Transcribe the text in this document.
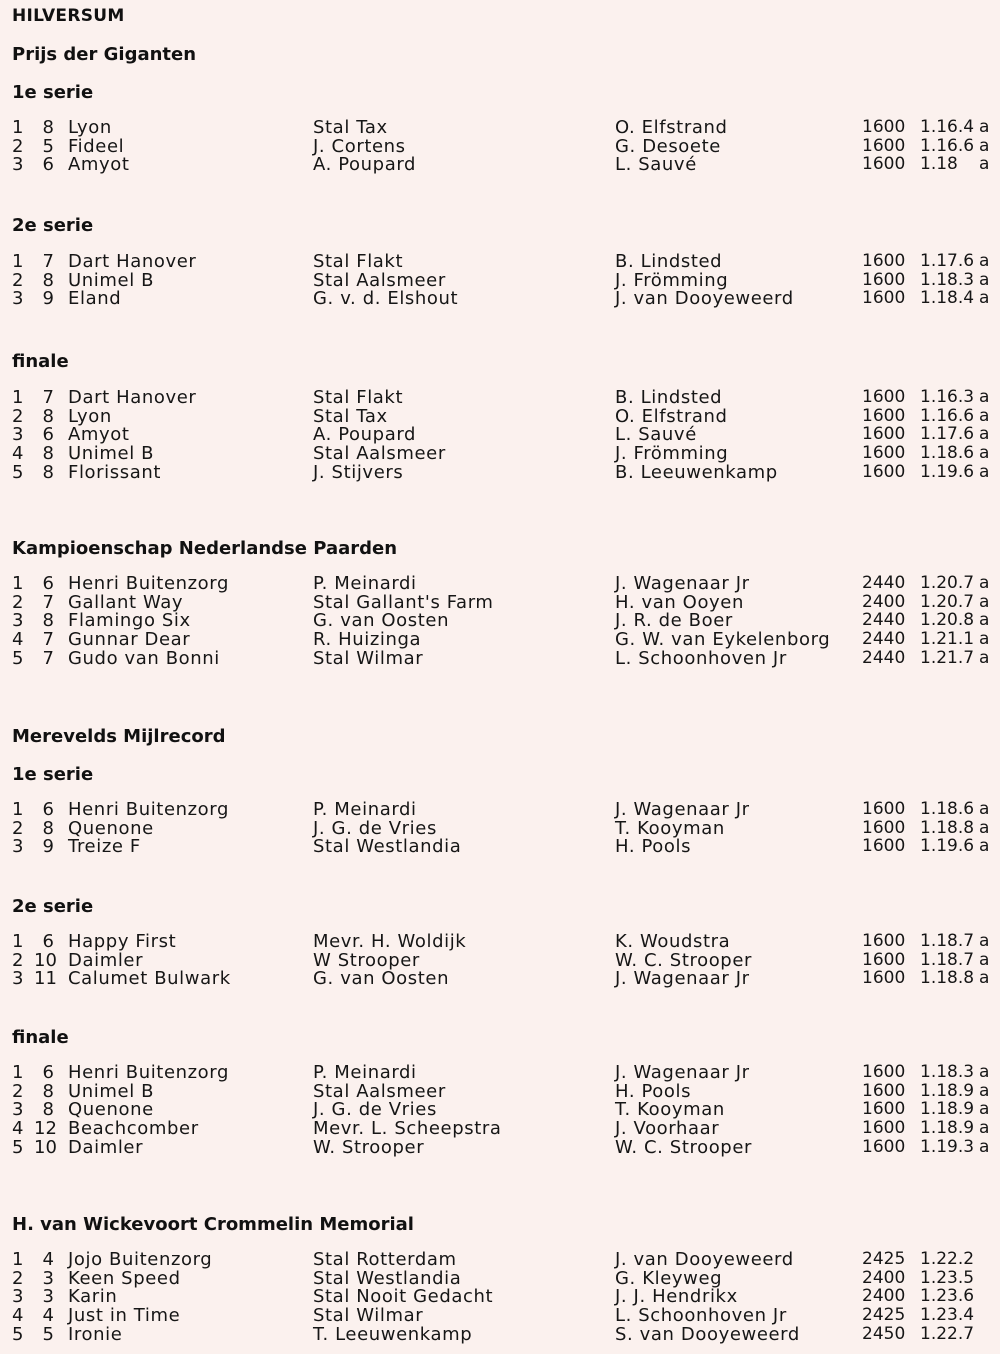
HILVERSUM
Prijs der Giganten
1e serie
1	8 Lyon	Stal Tax	O. Elfstrand	1600 1.16.4 a
2	5 Fideel	J. Cortens	G. Desoete	1600 1.16.6 a
3	6 Amyot	A. Poupard	L. Sauvé	1600 1.18 a
2e serie
1	7 Dart Hanover	Stal Flakt	B. Lindsted	1600 1.17.6 a
2	8 Unimel B	Stal Aalsmeer	J. Frömming	1600 1.18.3 a
3	9 Eland	G. v. d. Elshout	J. van Dooyeweerd	1600 1.18.4 a
finale
1	7 Dart Hanover	Stal Flakt	B. Lindsted	1600 1.16.3 a
2	8 Lyon	Stal Tax	O. Elfstrand	1600 1.16.6 a
3	6 Amyot	A. Poupard	L. Sauvé	1600 1.17.6 a
4	8 Unimel B	Stal Aalsmeer	J. Frömming	1600 1.18.6 a
5	8 Florissant	J. Stijvers	B. Leeuwenkamp	1600 1.19.6 a
Kampioenschap Nederlandse Paarden
1	6 Henri Buitenzorg	P. Meinardi	J. Wagenaar Jr	2440 1.20.7 a
2	7 Gallant Way	Stal Gallant's Farm	H. van Ooyen	2400 1.20.7 a
3	8 Flamingo Six	G. van Oosten	J. R. de Boer	2440 1.20.8 a
4	7 Gunnar Dear	R. Huizinga	G. W. van Eykelenborg 2440 1.21.1 a
5	7 Gudo van Bonni	Stal Wilmar	L. Schoonhoven Jr	2440 1.21.7 a
Merevelds Mijlrecord
1e serie
1	6 Henri Buitenzorg	P. Meinardi	J. Wagenaar Jr	1600 1.18.6 a
2	8 Quenone	J. G. de Vries	T. Kooyman	1600 1.18.8 a
3	9 Treize F	Stal Westlandia	H. Pools	1600 1.19.6 a
2e serie
1	6 Happy First	Mevr. H. Woldijk	K. Woudstra	1600 1.18.7 a
2 10 Daimler	W Strooper	W. C. Strooper	1600 1.18.7 a
3 11 Calumet Bulwark	G. van Oosten	J. Wagenaar Jr	1600 1.18.8 a
finale
1	6 Henri Buitenzorg	P. Meinardi	J. Wagenaar Jr	1600 1.18.3 a
2	8 Unimel B	Stal Aalsmeer	H. Pools	1600 1.18.9 a
3	8 Quenone	J. G. de Vries	T. Kooyman	1600 1.18.9 a
4 12 Beachcomber	Mevr. L. Scheepstra	J. Voorhaar	1600 1.18.9 a
5 10 Daimler	W. Strooper	W. C. Strooper	1600 1.19.3 a
H. van Wickevoort Crommelin Memorial
1	4 Jojo Buitenzorg	Stal Rotterdam	J. van Dooyeweerd	2425 1.22.2
2	3 Keen Speed	Stal Westlandia	G. Kleyweg	2400 1.23.5
3	3 Karin	Stal Nooit Gedacht	J. J. Hendrikx	2400 1.23.6
4	4 Just in Time	Stal Wilmar	L. Schoonhoven Jr	2425 1.23.4
5	5 Ironie	T. Leeuwenkamp	S. van Dooyeweerd	2450 1.22.7
